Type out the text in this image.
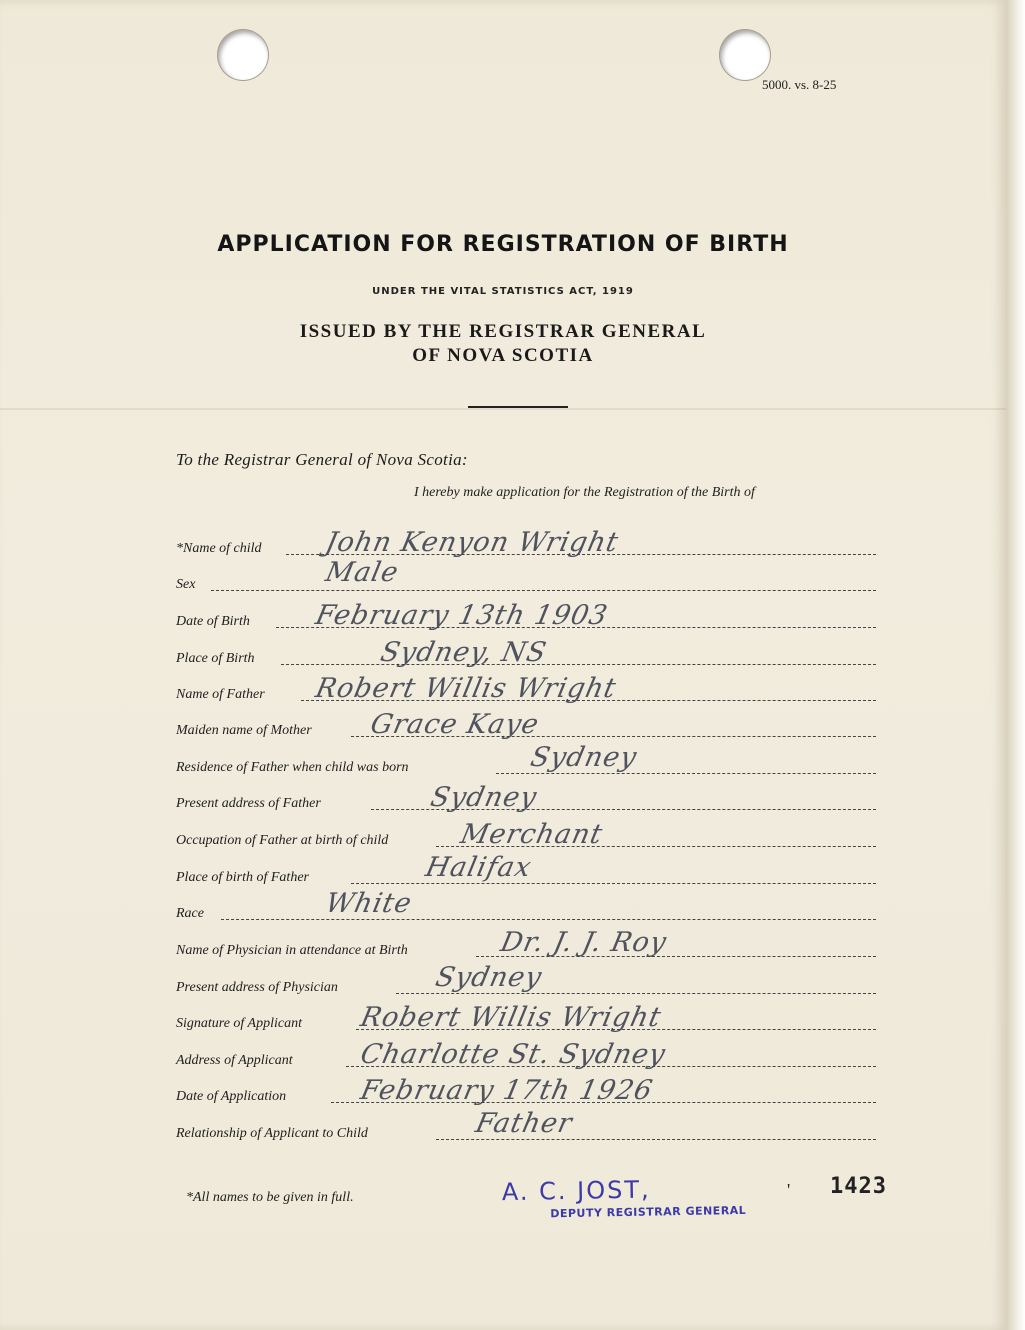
5000. vs. 8-25
APPLICATION FOR REGISTRATION OF BIRTH
UNDER THE VITAL STATISTICS ACT, 1919
ISSUED BY THE REGISTRAR GENERAL
OF NOVA SCOTIA
To the Registrar General of Nova Scotia:
I hereby make application for the Registration of the Birth of
*Name of child John Kenyon Wright
Sex	Male
Date of Birth February 13th 1903
Place of Birth	Sydney, NS
Name of Father Robert Willis Wright
Maiden name of Mother Grace Kaye
Residence of Father when child was born	Sydney
Present address of Father	Sydney
Occupation of Father at birth of child	Merchant
Place of birth of Father	Halifax
Race	White
Name of Physician in attendance at Birth	Dr. J. J. Roy
Present address of Physician	Sydney
Signature of Applicant Robert Willis Wright
Address of Applicant Charlotte St. Sydney
Date of Application	February 17th 1926
Relationship of Applicant to Child	Father
*All names to be given in full.	A. C. JOST,
DEPUTY REGISTRAR GENERAL
' 1423
